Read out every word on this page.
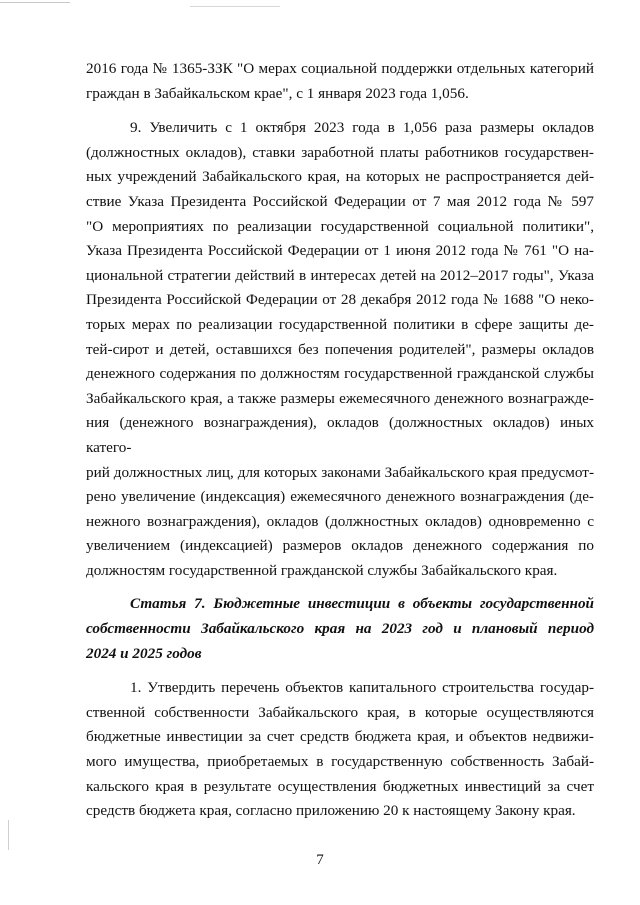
2016 года № 1365-ЗЗК "О мерах социальной поддержки отдельных категорий
граждан в Забайкальском крае", с 1 января 2023 года 1,056.
9. Увеличить с 1 октября 2023 года в 1,056 раза размеры окладов
(должностных окладов), ставки заработной платы работников государствен-
ных учреждений Забайкальского края, на которых не распространяется дей-
ствие Указа Президента Российской Федерации от 7 мая 2012 года № 597
"О мероприятиях по реализации государственной социальной политики",
Указа Президента Российской Федерации от 1 июня 2012 года № 761 "О на-
циональной стратегии действий в интересах детей на 2012–2017 годы", Указа
Президента Российской Федерации от 28 декабря 2012 года № 1688 "О неко-
торых мерах по реализации государственной политики в сфере защиты де-
тей-сирот и детей, оставшихся без попечения родителей", размеры окладов
денежного содержания по должностям государственной гражданской службы
Забайкальского края, а также размеры ежемесячного денежного вознагражде-
ния (денежного вознаграждения), окладов (должностных окладов) иных катего-
рий должностных лиц, для которых законами Забайкальского края предусмот-
рено увеличение (индексация) ежемесячного денежного вознаграждения (де-
нежного вознаграждения), окладов (должностных окладов) одновременно с
увеличением (индексацией) размеров окладов денежного содержания по
должностям государственной гражданской службы Забайкальского края.
Статья 7. Бюджетные инвестиции в объекты государственной
собственности Забайкальского края на 2023 год и плановый период
2024 и 2025 годов
1. Утвердить перечень объектов капитального строительства государ-
ственной собственности Забайкальского края, в которые осуществляются
бюджетные инвестиции за счет средств бюджета края, и объектов недвижи-
мого имущества, приобретаемых в государственную собственность Забай-
кальского края в результате осуществления бюджетных инвестиций за счет
средств бюджета края, согласно приложению 20 к настоящему Закону края.
7
